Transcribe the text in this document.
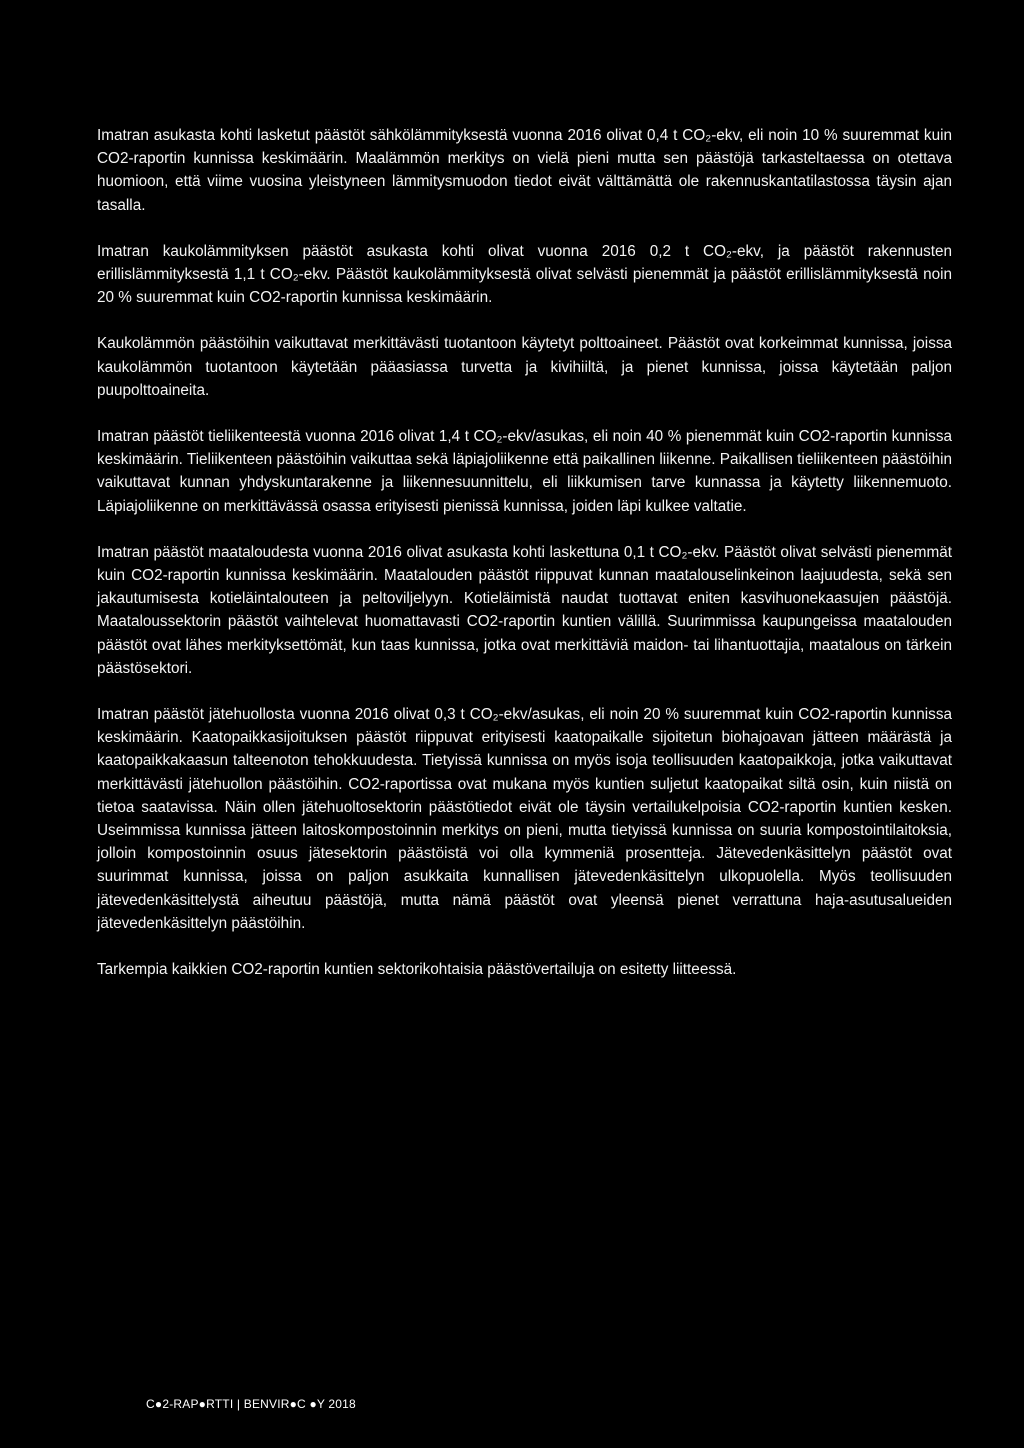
Imatran asukasta kohti lasketut päästöt sähkölämmityksestä vuonna 2016 olivat 0,4 t CO₂-ekv, eli noin 10 % suuremmat kuin CO2-raportin kunnissa keskimäärin. Maalämmön merkitys on vielä pieni mutta sen päästöjä tarkasteltaessa on otettava huomioon, että viime vuosina yleistyneen lämmitysmuodon tiedot eivät välttämättä ole rakennuskantatilastossa täysin ajan tasalla.

Imatran kaukolämmityksen päästöt asukasta kohti olivat vuonna 2016 0,2 t CO₂-ekv, ja päästöt rakennusten erillislämmityksestä 1,1 t CO₂-ekv. Päästöt kaukolämmityksestä olivat selvästi pienemmät ja päästöt erillislämmityksestä noin 20 % suuremmat kuin CO2-raportin kunnissa keskimäärin.

Kaukolämmön päästöihin vaikuttavat merkittävästi tuotantoon käytetyt polttoaineet. Päästöt ovat korkeimmat kunnissa, joissa kaukolämmön tuotantoon käytetään pääasiassa turvetta ja kivihiiltä, ja pienet kunnissa, joissa käytetään paljon puupolttoaineita.

Imatran päästöt tieliikenteestä vuonna 2016 olivat 1,4 t CO₂-ekv/asukas, eli noin 40 % pienemmät kuin CO2-raportin kunnissa keskimäärin. Tieliikenteen päästöihin vaikuttaa sekä läpiajoliikenne että paikallinen liikenne. Paikallisen tieliikenteen päästöihin vaikuttavat kunnan yhdyskuntarakenne ja liikennesuunnittelu, eli liikkumisen tarve kunnassa ja käytetty liikennemuoto. Läpiajoliikenne on merkittävässä osassa erityisesti pienissä kunnissa, joiden läpi kulkee valtatie.

Imatran päästöt maataloudesta vuonna 2016 olivat asukasta kohti laskettuna 0,1 t CO₂-ekv. Päästöt olivat selvästi pienemmät kuin CO2-raportin kunnissa keskimäärin. Maatalouden päästöt riippuvat kunnan maatalouselinkeinon laajuudesta, sekä sen jakautumisesta kotieläintalouteen ja peltoviljelyyn. Kotieläimistä naudat tuottavat eniten kasvihuonekaasujen päästöjä. Maataloussektorin päästöt vaihtelevat huomattavasti CO2-raportin kuntien välillä. Suurimmissa kaupungeissa maatalouden päästöt ovat lähes merkityksettömät, kun taas kunnissa, jotka ovat merkittäviä maidon- tai lihantuottajia, maatalous on tärkein päästösektori.

Imatran päästöt jätehuollosta vuonna 2016 olivat 0,3 t CO₂-ekv/asukas, eli noin 20 % suuremmat kuin CO2-raportin kunnissa keskimäärin. Kaatopaikkasijoituksen päästöt riippuvat erityisesti kaatopaikalle sijoitetun biohajoavan jätteen määrästä ja kaatopaikkakaasun talteenoton tehokkuudesta. Tietyissä kunnissa on myös isoja teollisuuden kaatopaikkoja, jotka vaikuttavat merkittävästi jätehuollon päästöihin. CO2-raportissa ovat mukana myös kuntien suljetut kaatopaikat siltä osin, kuin niistä on tietoa saatavissa. Näin ollen jätehuoltosektorin päästötiedot eivät ole täysin vertailukelpoisia CO2-raportin kuntien kesken. Useimmissa kunnissa jätteen laitoskompostoinnin merkitys on pieni, mutta tietyissä kunnissa on suuria kompostointilaitoksia, jolloin kompostoinnin osuus jätesektorin päästöistä voi olla kymmeniä prosentteja. Jätevedenkäsittelyn päästöt ovat suurimmat kunnissa, joissa on paljon asukkaita kunnallisen jätevedenkäsittelyn ulkopuolella. Myös teollisuuden jätevedenkäsittelystä aiheutuu päästöjä, mutta nämä päästöt ovat yleensä pienet verrattuna haja-asutusalueiden jätevedenkäsittelyn päästöihin.

Tarkempia kaikkien CO2-raportin kuntien sektorikohtaisia päästövertailuja on esitetty liitteessä.

C●2-RAP●RTTI | BENVIR●C ●Y 2018
